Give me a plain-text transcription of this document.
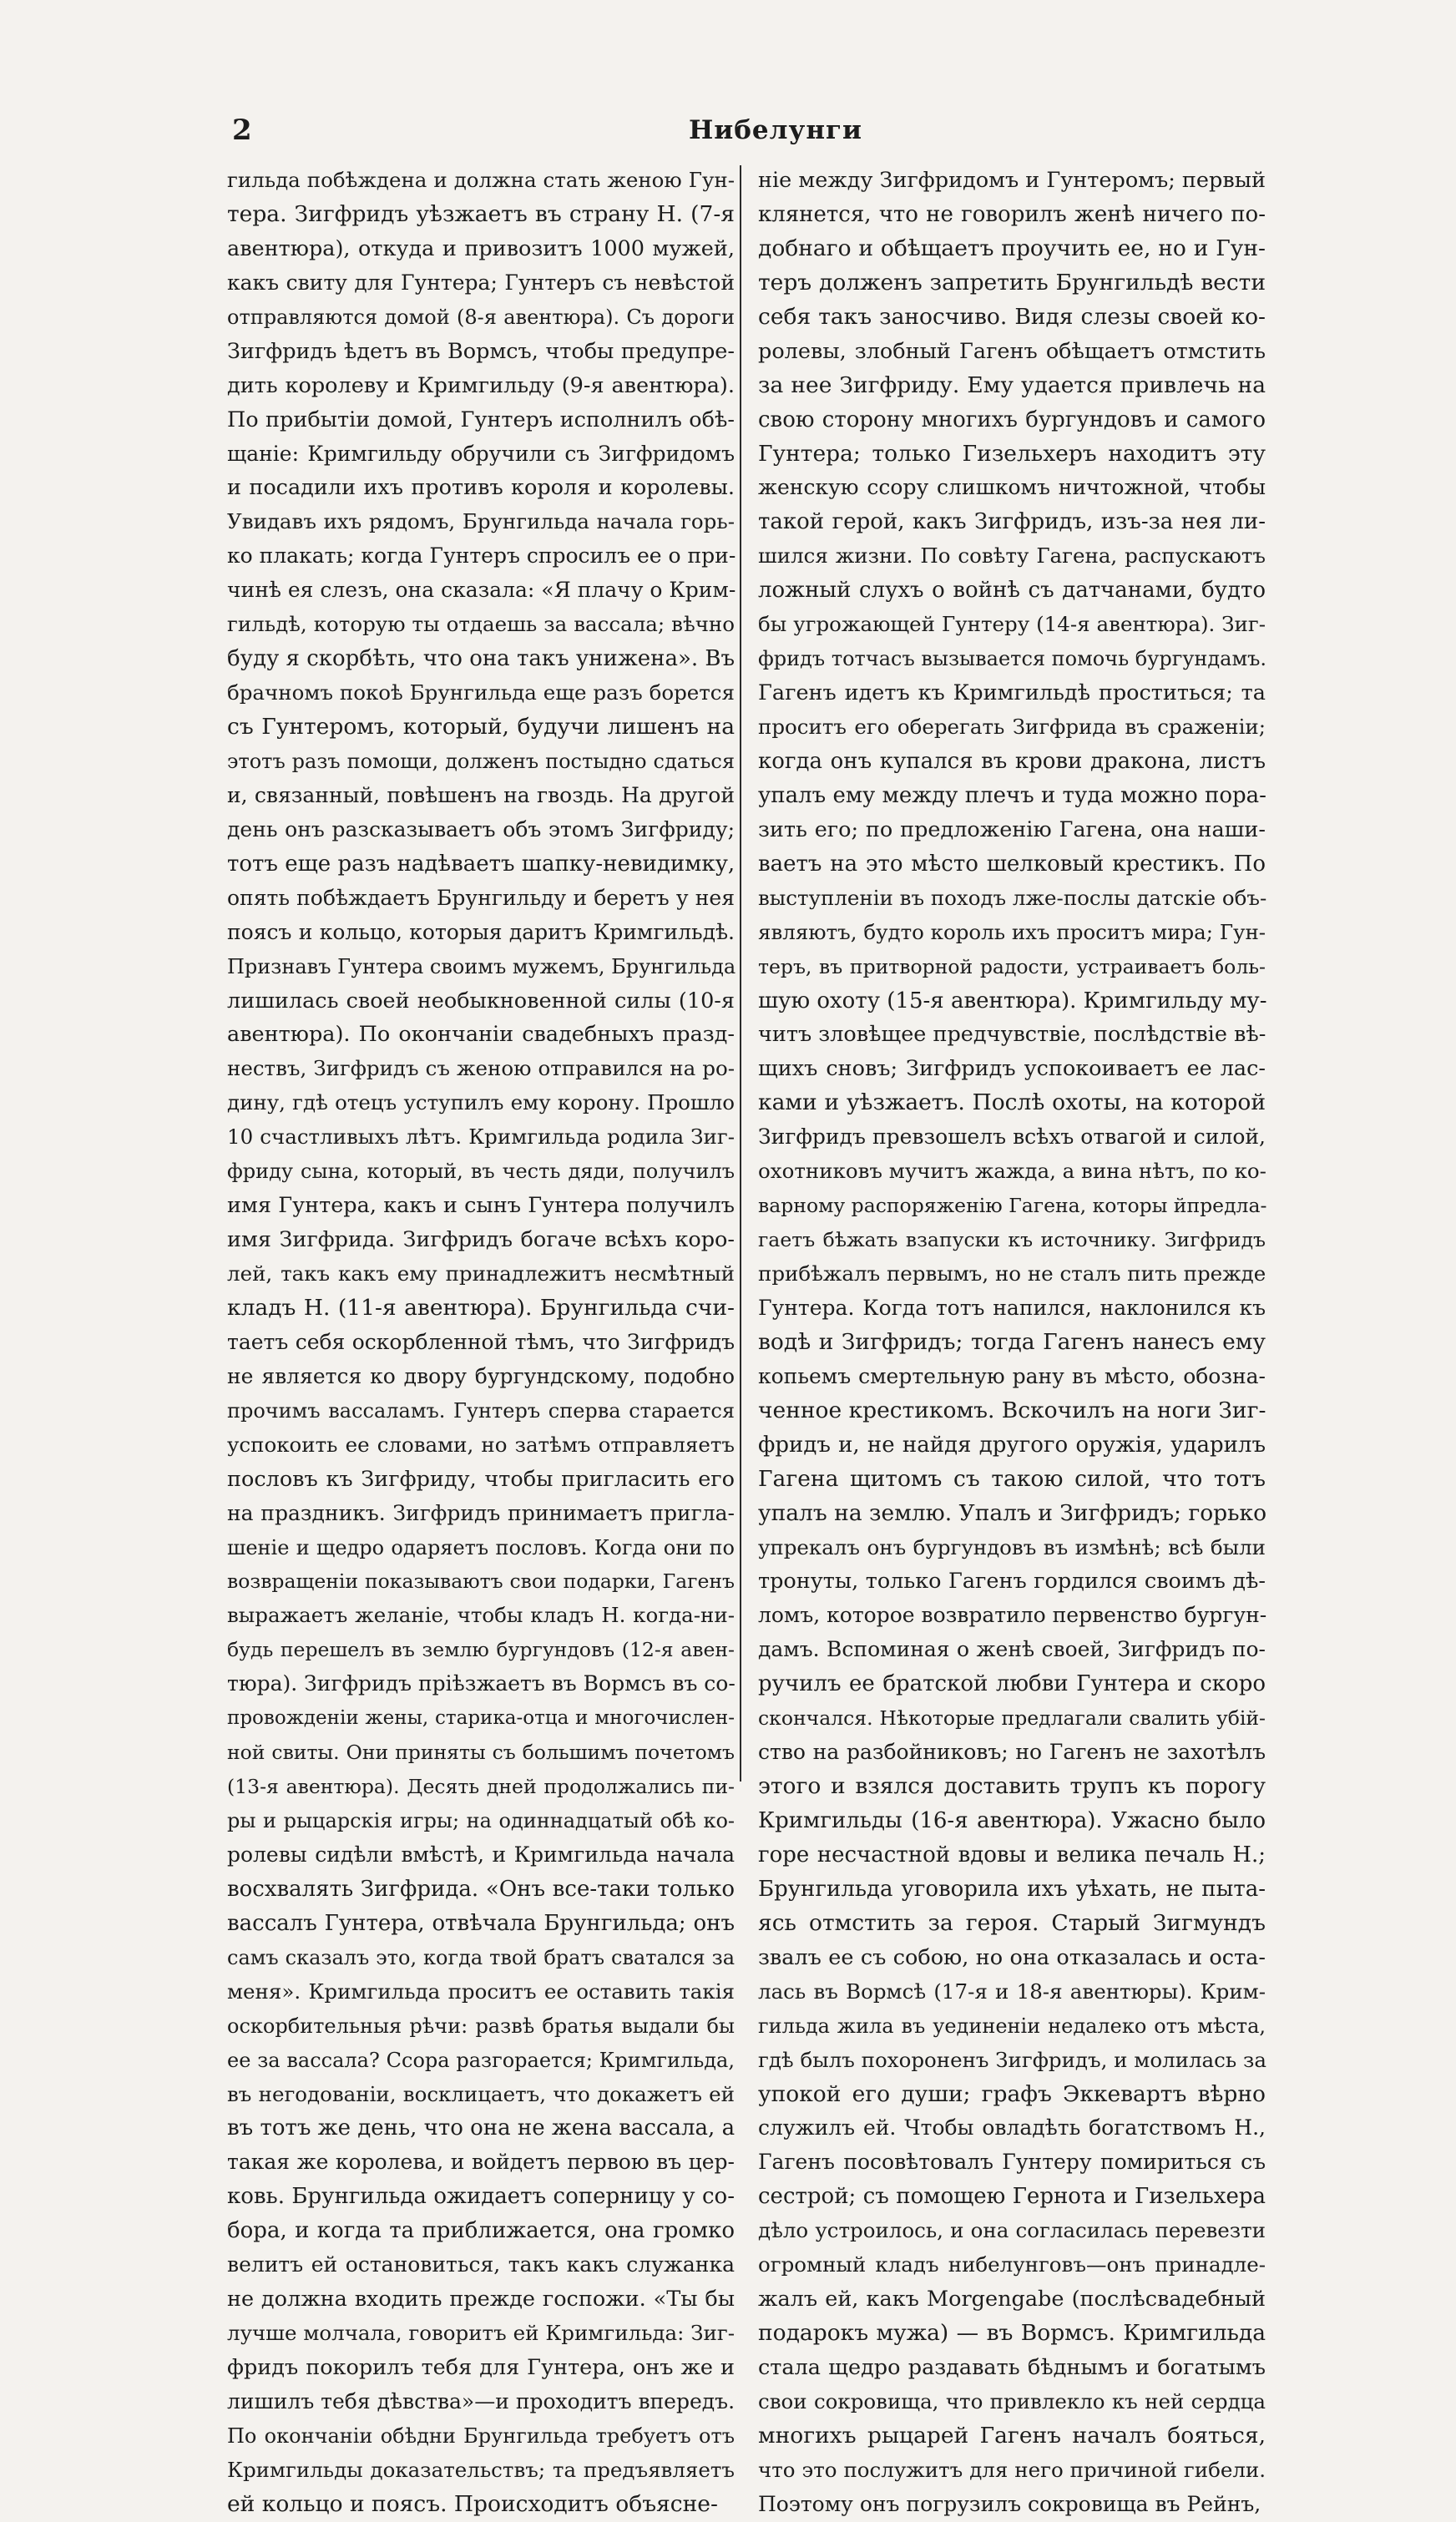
2	Нибелунги
гильда побѣждена и должна стать женою Гун-
тера. Зигфридъ уѣзжаетъ въ страну Н. (7-я
авентюра), откуда и привозитъ 1000 мужей,
какъ свиту для Гунтера; Гунтеръ съ невѣстой
отправляются домой (8-я авентюра). Съ дороги
Зигфридъ ѣдетъ въ Вормсъ, чтобы предупре-
дить королеву и Кримгильду (9-я авентюра).
По прибытіи домой, Гунтеръ исполнилъ обѣ-
щаніе: Кримгильду обручили съ Зигфридомъ
и посадили ихъ противъ короля и королевы.
Увидавъ ихъ рядомъ, Брунгильда начала горь-
ко плакать; когда Гунтеръ спросилъ ее о при-
чинѣ ея слезъ, она сказала: «Я плачу о Крим-
гильдѣ, которую ты отдаешь за вассала; вѣчно
буду я скорбѣть, что она такъ унижена». Въ
брачномъ покоѣ Брунгильда еще разъ борется
съ Гунтеромъ, который, будучи лишенъ на
этотъ разъ помощи, долженъ постыдно сдаться
и, связанный, повѣшенъ на гвоздь. На другой
день онъ разсказываетъ объ этомъ Зигфриду;
тотъ еще разъ надѣваетъ шапку-невидимку,
опять побѣждаетъ Брунгильду и беретъ у нея
поясъ и кольцо, которыя даритъ Кримгильдѣ.
Признавъ Гунтера своимъ мужемъ, Брунгильда
лишилась своей необыкновенной силы (10-я
авентюра). По окончаніи свадебныхъ празд-
нествъ, Зигфридъ съ женою отправился на ро-
дину, гдѣ отецъ уступилъ ему корону. Прошло
10 счастливыхъ лѣтъ. Кримгильда родила Зиг-
фриду сына, который, въ честь дяди, получилъ
имя Гунтера, какъ и сынъ Гунтера получилъ
имя Зигфрида. Зигфридъ богаче всѣхъ коро-
лей, такъ какъ ему принадлежитъ несмѣтный
кладъ Н. (11-я авентюра). Брунгильда счи-
таетъ себя оскорбленной тѣмъ, что Зигфридъ
не является ко двору бургундскому, подобно
прочимъ вассаламъ. Гунтеръ сперва старается
успокоить ее словами, но затѣмъ отправляетъ
пословъ къ Зигфриду, чтобы пригласить его
на праздникъ. Зигфридъ принимаетъ пригла-
шеніе и щедро одаряетъ пословъ. Когда они по
возвращеніи показываютъ свои подарки, Гагенъ
выражаетъ желаніе, чтобы кладъ Н. когда-ни-
будь перешелъ въ землю бургундовъ (12-я авен-
тюра). Зигфридъ пріѣзжаетъ въ Вормсъ въ со-
провожденіи жены, старика-отца и многочислен-
ной свиты. Они приняты съ большимъ почетомъ
(13-я авентюра). Десять дней продолжались пи-
ры и рыцарскія игры; на одиннадцатый обѣ ко-
ролевы сидѣли вмѣстѣ, и Кримгильда начала
восхвалять Зигфрида. «Онъ все-таки только
вассалъ Гунтера, отвѣчала Брунгильда; онъ
самъ сказалъ это, когда твой братъ сватался за
меня». Кримгильда проситъ ее оставить такія
оскорбительныя рѣчи: развѣ братья выдали бы
ее за вассала? Ссора разгорается; Кримгильда,
въ негодованіи, восклицаетъ, что докажетъ ей
въ тотъ же день, что она не жена вассала, а
такая же королева, и войдетъ первою въ цер-
ковь. Брунгильда ожидаетъ соперницу у со-
бора, и когда та приближается, она громко
велитъ ей остановиться, такъ какъ служанка
не должна входить прежде госпожи. «Ты бы
лучше молчала, говоритъ ей Кримгильда: Зиг-
фридъ покорилъ тебя для Гунтера, онъ же и
лишилъ тебя дѣвства»—и проходитъ впередъ.
По окончаніи обѣдни Брунгильда требуетъ отъ
Кримгильды доказательствъ; та предъявляетъ
ей кольцо и поясъ. Происходитъ объясне-
ніе между Зигфридомъ и Гунтеромъ; первый
клянется, что не говорилъ женѣ ничего по-
добнаго и обѣщаетъ проучить ее, но и Гун-
теръ долженъ запретить Брунгильдѣ вести
себя такъ заносчиво. Видя слезы своей ко-
ролевы, злобный Гагенъ обѣщаетъ отмстить
за нее Зигфриду. Ему удается привлечь на
свою сторону многихъ бургундовъ и самого
Гунтера; только Гизельхеръ находитъ эту
женскую ссору слишкомъ ничтожной, чтобы
такой герой, какъ Зигфридъ, изъ-за нея ли-
шился жизни. По совѣту Гагена, распускаютъ
ложный слухъ о войнѣ съ датчанами, будто
бы угрожающей Гунтеру (14-я авентюра). Зиг-
фридъ тотчасъ вызывается помочь бургундамъ.
Гагенъ идетъ къ Кримгильдѣ проститься; та
проситъ его оберегать Зигфрида въ сраженіи;
когда онъ купался въ крови дракона, листъ
упалъ ему между плечъ и туда можно пора-
зить его; по предложенію Гагена, она наши-
ваетъ на это мѣсто шелковый крестикъ. По
выступленіи въ походъ лже-послы датскіе объ-
являютъ, будто король ихъ проситъ мира; Гун-
теръ, въ притворной радости, устраиваетъ боль-
шую охоту (15-я авентюра). Кримгильду му-
читъ зловѣщее предчувствіе, послѣдствіе вѣ-
щихъ сновъ; Зигфридъ успокоиваетъ ее лас-
ками и уѣзжаетъ. Послѣ охоты, на которой
Зигфридъ превзошелъ всѣхъ отвагой и силой,
охотниковъ мучитъ жажда, а вина нѣтъ, по ко-
варному распоряженію Гагена, которы йпредла-
гаетъ бѣжать взапуски къ источнику. Зигфридъ
прибѣжалъ первымъ, но не сталъ пить прежде
Гунтера. Когда тотъ напился, наклонился къ
водѣ и Зигфридъ; тогда Гагенъ нанесъ ему
копьемъ смертельную рану въ мѣсто, обозна-
ченное крестикомъ. Вскочилъ на ноги Зиг-
фридъ и, не найдя другого оружія, ударилъ
Гагена щитомъ съ такою силой, что тотъ
упалъ на землю. Упалъ и Зигфридъ; горько
упрекалъ онъ бургундовъ въ измѣнѣ; всѣ были
тронуты, только Гагенъ гордился своимъ дѣ-
ломъ, которое возвратило первенство бургун-
дамъ. Вспоминая о женѣ своей, Зигфридъ по-
ручилъ ее братской любви Гунтера и скоро
скончался. Нѣкоторые предлагали свалить убій-
ство на разбойниковъ; но Гагенъ не захотѣлъ
этого и взялся доставить трупъ къ порогу
Кримгильды (16-я авентюра). Ужасно было
горе несчастной вдовы и велика печаль Н.;
Брунгильда уговорила ихъ уѣхать, не пыта-
ясь отмстить за героя. Старый Зигмундъ
звалъ ее съ собою, но она отказалась и оста-
лась въ Вормсѣ (17-я и 18-я авентюры). Крим-
гильда жила въ уединеніи недалеко отъ мѣста,
гдѣ былъ похороненъ Зигфридъ, и молилась за
упокой его души; графъ Эккевартъ вѣрно
служилъ ей. Чтобы овладѣть богатствомъ Н.,
Гагенъ посовѣтовалъ Гунтеру помириться съ
сестрой; съ помощею Гернота и Гизельхера
дѣло устроилось, и она согласилась перевезти
огромный кладъ нибелунговъ—онъ принадле-
жалъ ей, какъ Morgengabe (послѣсвадебный
подарокъ мужа) — въ Вормсъ. Кримгильда
стала щедро раздавать бѣднымъ и богатымъ
свои сокровища, что привлекло къ ней сердца
многихъ рыцарей Гагенъ началъ бояться,
что это послужитъ для него причиной гибели.
Поэтому онъ погрузилъ сокровища въ Рейнъ,
